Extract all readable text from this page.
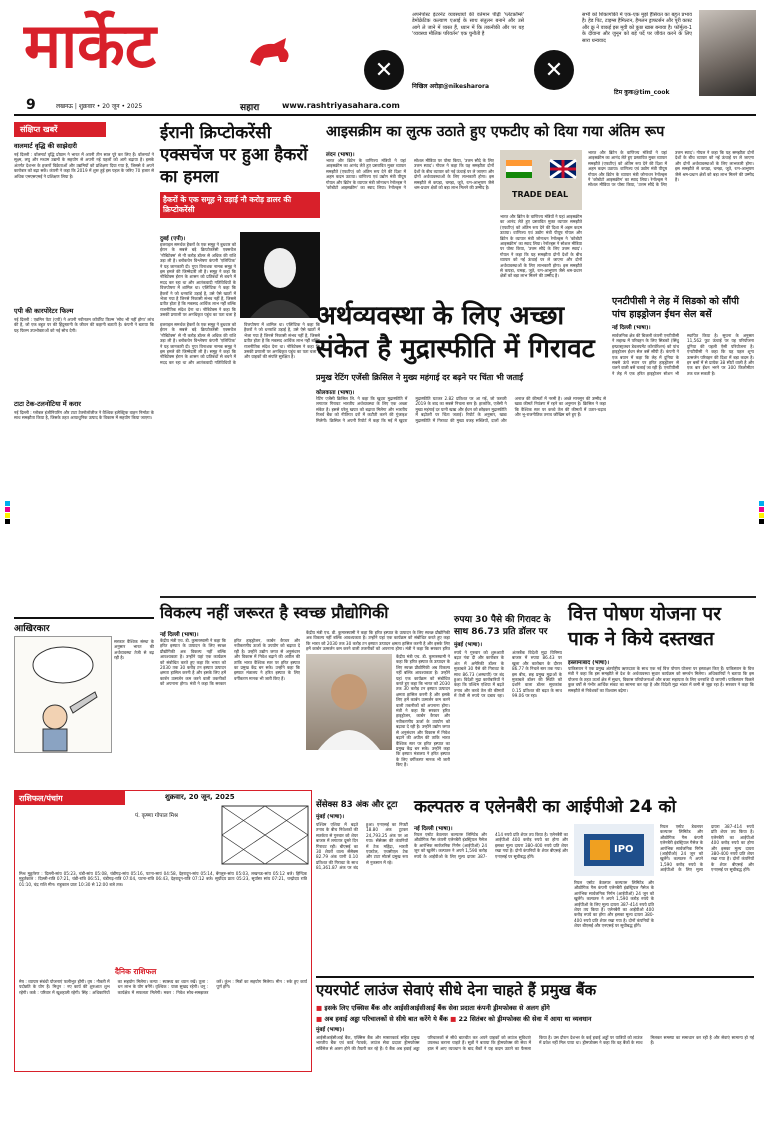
मार्केट	✕
अपनेपोस्ट इंटरनेट व्यवस्थायों की वर्तमान पीढ़ी 'प्लेटफ़ॉर्म्स' डेमोक्रेटिक कल्याण एआई के साथ संतुलन बनाने और उसे आगे ले जाने में व्यस्त हैं, ध्यान में कि तकनीकी और पर यह 'व्यवस्था मौलिक परिवर्तन' एक चुनौती है
निखिल अरोड़ा@nikesharora
✕
सभी को शिकागोकी में एक-एक मुझे हैसियत का बहुत प्रभाव है। हेड पिट, टाइम्स हैमिल्टन, हैमलन ड्राफ्टर्सन और पूरी कास्ट और क्रू ने वाकई इस मूवी को कुछ खास बनाया है। फॉर्मूला-1 के दीवाना और जुनून को बड़े पर्दे पर जीवंत करने के लिए सारा धन्यवाद
टिम कुक@tim_cook
9	लखनऊ | शुक्रवार • 20 जून • 2025	सहारा	www.rashtriyasahara.com
संक्षिप्त खबरें
वालमार्ट वृद्धि की साझेदारी
नई दिल्ली : वॉलमार्ट वृद्धि प्रोग्राम ने भारत में अपनी तीन साल पूरे कर लिए हैं। वॉलमार्ट ने सूक्ष्म, लघु और मध्यम उद्यमों के सहयोग से अपनी नई पहलों को आगे बढ़ाया है। इसके अंतर्गत देशभर के हजारों विक्रेताओं और उद्यमियों को प्रशिक्षण दिया गया है, जिससे वे अपने कारोबार को बढ़ा सकें। कंपनी ने कहा कि 2019 में शुरू हुई इस पहल के जरिए 70 हजार से अधिक एमएसएमई ने प्रशिक्षण लिया है।
एपी की कारपोरेटर फिल्म
नई दिल्ली : एडमिन पेटा (एपी) ने अपनी नवीनतम कॉर्पोरेट फिल्म 'सोच भी नहीं होगा' लांच की है, जो एक बहुत पर की हिंदुस्तानी के जीवन की कहानी बताती है। कंपनी ने बताया कि यह फिल्म उपभोक्ताओं को नई सोच देगी।
टाटा टेक-टलनोटिया में करार
नई दिल्ली : ग्लोबल इंजीनियरिंग और टाटा टेक्नोलॉजीज ने वैश्विक इलेक्ट्रिक वाहन निर्माता के साथ समझौता किया है, जिसके तहत अत्याधुनिक उत्पाद के विकास में सहयोग किया जाएगा।
आखिरकार
सरकार वैश्विक संस्था के अनुसार भारत की अर्थव्यवस्था तेजी से बढ़ रही है।
ईरानी क्रिप्टोकरेंसी एक्सचेंज पर हुआ हैकरों का हमला
हैकरों के एक समूह ने उड़ाई नौ करोड़ डालर की क्रिप्टोकरेंसी
दुबई (एपी)।
इजराइल समर्थक हैकरों के एक समूह ने बुधवार को ईरान के सबसे बड़े क्रिप्टोकरेंसी एक्सचेंज 'नोबिटेक्स' से नौ करोड़ डॉलर से अधिक की राशि उड़ा ली है। ब्लॉकचेन विश्लेषण कंपनी 'एलिप्टिक' ने यह जानकारी दी। गुप्त विनाशक नामक समूह ने इस हमले की जिम्मेदारी ली है। समूह ने कहा कि नोबिटेक्स ईरान के शासन को प्रतिबंधों से बचने में मदद कर रहा था और आतंकवादी गतिविधियों के वित्तपोषण में शामिल था। एलिप्टिक ने कहा कि हैकरों ने जो धनराशि उड़ाई है, उसे ऐसे खातों में भेजा गया है जिनसे निकासी संभव नहीं है, जिससे प्रतीत होता है कि मकसद आर्थिक लाभ नहीं बल्कि राजनीतिक संदेश देना था। नोबिटेक्स ने कहा कि उसकी प्रणाली पर अनधिकृत पहुंच का पता चला है
इजराइल समर्थक हैकरों के एक समूह ने बुधवार को ईरान के सबसे बड़े क्रिप्टोकरेंसी एक्सचेंज 'नोबिटेक्स' से नौ करोड़ डॉलर से अधिक की राशि उड़ा ली है। ब्लॉकचेन विश्लेषण कंपनी 'एलिप्टिक' ने यह जानकारी दी। गुप्त विनाशक नामक समूह ने इस हमले की जिम्मेदारी ली है। समूह ने कहा कि नोबिटेक्स ईरान के शासन को प्रतिबंधों से बचने में मदद कर रहा था और आतंकवादी गतिविधियों के वित्तपोषण में शामिल था। एलिप्टिक ने कहा कि हैकरों ने जो धनराशि उड़ाई है, उसे ऐसे खातों में भेजा गया है जिनसे निकासी संभव नहीं है, जिससे प्रतीत होता है कि मकसद आर्थिक लाभ नहीं बल्कि राजनीतिक संदेश देना था। नोबिटेक्स ने कहा कि उसकी प्रणाली पर अनधिकृत पहुंच का पता चला है और ग्राहकों की संपत्ति सुरक्षित है।
आइसक्रीम का लुत्फ उठाते हुए एफटीए को दिया गया अंतिम रूप
लंदन (भाषा)।
भारत और ब्रिटेन के वाणिज्य मंत्रियों ने यहां आइसक्रीम का आनंद लेते हुए प्रस्तावित मुक्त व्यापार समझौते (एफटीए) को अंतिम रूप देने की दिशा में अहम कदम उठाया। वाणिज्य एवं उद्योग मंत्री पीयूष गोयल और ब्रिटेन के व्यापार मंत्री जोनाथन रेनॉल्ड्स ने 'कोबोटो आइसक्रीम' का स्वाद लिया। रेनॉल्ड्स ने सोशल मीडिया पर पोस्ट किया, 'उत्तम सौदे के लिए उत्तम स्वाद'। गोयल ने कहा कि यह समझौता दोनों देशों के बीच व्यापार को नई ऊंचाई पर ले जाएगा और दोनों अर्थव्यवस्थाओं के लिए लाभकारी होगा। इस समझौते से कपड़ा, चमड़ा, जूते, रत्न-आभूषण जैसे श्रम-प्रधान क्षेत्रों को बड़ा लाभ मिलने की उम्मीद है।
TRADE DEAL
भारत और ब्रिटेन के वाणिज्य मंत्रियों ने यहां आइसक्रीम का आनंद लेते हुए प्रस्तावित मुक्त व्यापार समझौते (एफटीए) को अंतिम रूप देने की दिशा में अहम कदम उठाया। वाणिज्य एवं उद्योग मंत्री पीयूष गोयल और ब्रिटेन के व्यापार मंत्री जोनाथन रेनॉल्ड्स ने 'कोबोटो आइसक्रीम' का स्वाद लिया। रेनॉल्ड्स ने सोशल मीडिया पर पोस्ट किया, 'उत्तम सौदे के लिए उत्तम स्वाद'। गोयल ने कहा कि यह समझौता दोनों देशों के बीच व्यापार को नई ऊंचाई पर ले जाएगा और दोनों अर्थव्यवस्थाओं के लिए लाभकारी होगा। इस समझौते से कपड़ा, चमड़ा, जूते, रत्न-आभूषण जैसे श्रम-प्रधान क्षेत्रों को बड़ा लाभ मिलने की उम्मीद है।
भारत और ब्रिटेन के वाणिज्य मंत्रियों ने यहां आइसक्रीम का आनंद लेते हुए प्रस्तावित मुक्त व्यापार समझौते (एफटीए) को अंतिम रूप देने की दिशा में अहम कदम उठाया। वाणिज्य एवं उद्योग मंत्री पीयूष गोयल और ब्रिटेन के व्यापार मंत्री जोनाथन रेनॉल्ड्स ने 'कोबोटो आइसक्रीम' का स्वाद लिया। रेनॉल्ड्स ने सोशल मीडिया पर पोस्ट किया, 'उत्तम सौदे के लिए उत्तम स्वाद'। गोयल ने कहा कि यह समझौता दोनों देशों के बीच व्यापार को नई ऊंचाई पर ले जाएगा और दोनों अर्थव्यवस्थाओं के लिए लाभकारी होगा। इस समझौते से कपड़ा, चमड़ा, जूते, रत्न-आभूषण जैसे श्रम-प्रधान क्षेत्रों को बड़ा लाभ मिलने की उम्मीद है।
अर्थव्यवस्था के लिए अच्छा संकेत है मुद्रास्फीति में गिरावट
प्रमुख रेटिंग एजेंसी क्रिसिल ने मुख्य महंगाई दर बढ़ने पर चिंता भी जताई
कोलकाता (भाषा)।
रेटिंग एजेंसी क्रिसिल लि. ने कहा कि खुदरा मुद्रास्फीति में लगातार गिरावट भारतीय अर्थव्यवस्था के लिए एक अच्छा संकेत है। इससे घरेलू खपत को बढ़ावा मिलेगा और भारतीय रिजर्व बैंक को नीतिगत दरों में कटौती करने की गुंजाइश मिलेगी। क्रिसिल ने अपनी रिपोर्ट में कहा कि मई में खुदरा मुद्रास्फीति घटकर 2.82 प्रतिशत पर आ गई, जो फरवरी 2019 के बाद का सबसे निचला स्तर है। हालांकि, एजेंसी ने मुख्य महंगाई दर यानी खाद्य और ईंधन को छोड़कर मुद्रास्फीति में बढ़ोतरी पर चिंता जताई। रिपोर्ट के अनुसार, खाद्य मुद्रास्फीति में गिरावट की मुख्य वजह सब्जियों, दालों और अनाज की कीमतों में नरमी है। अच्छे मानसून की उम्मीद से खाद्य कीमतें नियंत्रण में रहने का अनुमान है। क्रिसिल ने कहा कि वैश्विक स्तर पर कच्चे तेल की कीमतों में उतार-चढ़ाव और भू-राजनीतिक तनाव जोखिम बने हुए हैं।
एनटीपीसी ने लेह में सिडको को सौंपी पांच हाइड्रोजन ईंधन सेल बसें
नई दिल्ली (भाषा)।
सार्वजनिक क्षेत्र की बिजली कंपनी एनटीपीसी ने लद्दाख में परिवहन के लिए सिडको (सिंधु इन्फ्रास्ट्रक्चर डेवलपमेंट कॉरपोरेशन) को पांच हाइड्रोजन ईंधन सेल बसें सौंपी हैं। कंपनी ने एक बयान में कहा कि लेह में दुनिया के सबसे ऊंचे स्थान पर हरित हाइड्रोजन से चलने वाली बसें चलाई जा रही हैं। एनटीपीसी ने लेह में एक हरित हाइड्रोजन स्टेशन भी स्थापित किया है। सूचना के अनुसार 11,562 फुट ऊंचाई पर यह परियोजना दुनिया की पहली ऐसी परियोजना है। एनटीपीसी ने कहा कि यह पहल शून्य उत्सर्जन परिवहन की दिशा में बड़ा कदम है। इन बसों में से प्रत्येक 38 सीटों वाली है और एक बार ईंधन भरने पर 300 किलोमीटर तक चल सकती है।
विकल्प नहीं जरूरत है स्वच्छ प्रौद्योगिकी
नई दिल्ली (भाषा)।
केंद्रीय मंत्री एच. डी. कुमारस्वामी ने कहा कि हरित इस्पात के उत्पादन के लिए स्वच्छ प्रौद्योगिकी अब विकल्प नहीं बल्कि आवश्यकता है। उन्होंने यहां एक कार्यक्रम को संबोधित करते हुए कहा कि भारत को 2030 तक 30 करोड़ टन इस्पात उत्पादन क्षमता हासिल करनी है और इसके लिए हमें कार्बन उत्सर्जन कम करने वाली तकनीकों को अपनाना होगा। मंत्री ने कहा कि सरकार हरित हाइड्रोजन, कार्बन कैप्चर और नवीकरणीय ऊर्जा के उपयोग को बढ़ावा दे रही है। उन्होंने उद्योग जगत से अनुसंधान और विकास में निवेश बढ़ाने की अपील की ताकि भारत वैश्विक स्तर पर हरित इस्पात का प्रमुख केंद्र बन सके। उन्होंने कहा कि इस्पात मंत्रालय ने हरित इस्पात के लिए वर्गीकरण मानक भी जारी किए हैं।
केंद्रीय मंत्री एच. डी. कुमारस्वामी ने कहा कि हरित इस्पात के उत्पादन के लिए स्वच्छ प्रौद्योगिकी अब विकल्प नहीं बल्कि आवश्यकता है। उन्होंने यहां एक कार्यक्रम को संबोधित करते हुए कहा कि भारत को 2030 तक 30 करोड़ टन इस्पात उत्पादन क्षमता हासिल करनी है और इसके लिए हमें कार्बन उत्सर्जन कम करने वाली तकनीकों को अपनाना होगा। मंत्री ने कहा कि सरकार हरित
केंद्रीय मंत्री एच. डी. कुमारस्वामी ने कहा कि हरित इस्पात के उत्पादन के लिए स्वच्छ प्रौद्योगिकी अब विकल्प नहीं बल्कि आवश्यकता है। उन्होंने यहां एक कार्यक्रम को संबोधित करते हुए कहा कि भारत को 2030 तक 30 करोड़ टन इस्पात उत्पादन क्षमता हासिल करनी है और इसके लिए हमें कार्बन उत्सर्जन कम करने वाली तकनीकों को अपनाना होगा। मंत्री ने कहा कि सरकार हरित हाइड्रोजन, कार्बन कैप्चर और नवीकरणीय ऊर्जा के उपयोग को बढ़ावा दे रही है। उन्होंने उद्योग जगत से अनुसंधान और विकास में निवेश बढ़ाने की अपील की ताकि भारत वैश्विक स्तर पर हरित इस्पात का प्रमुख केंद्र बन सके। उन्होंने कहा कि इस्पात मंत्रालय ने हरित इस्पात के लिए वर्गीकरण मानक भी जारी किए हैं।
रुपया 30 पैसे की गिरावट के साथ 86.73 प्रति डॉलर पर
मुंबई (भाषा)।
रुपये ने गुरुवार को शुरुआती बढ़त गंवा दी और कारोबार के अंत में अमेरिकी डॉलर के मुकाबले 30 पैसे की गिरावट के साथ 86.73 (अस्थायी) पर बंद हुआ। विदेशी मुद्रा कारोबारियों ने कहा कि पश्चिम एशिया में बढ़ते तनाव और कच्चे तेल की कीमतों में तेजी से रुपये पर दबाव रहा। अंतरबैंक विदेशी मुद्रा विनिमय बाजार में रुपया 86.43 पर खुला और कारोबार के दौरान 86.77 के निचले स्तर तक गया। इस बीच, छह प्रमुख मुद्राओं के मुकाबले डॉलर की स्थिति को दर्शाने वाला डॉलर सूचकांक 0.15 प्रतिशत की बढ़त के साथ 99.06 पर रहा।
वित्त पोषण योजना पर पाक ने किये दस्तखत
इस्लामाबाद (भाषा)।
पाकिस्तान ने एक प्रमुख अंतर्राष्ट्रीय ऋणदाता के साथ एक नई वित्त पोषण योजना पर हस्ताक्षर किए हैं। पाकिस्तान के वित्त मंत्री ने कहा कि इस समझौते से देश के अर्थव्यवस्था सुधार कार्यक्रम को समर्थन मिलेगा। अधिकारियों ने बताया कि इस योजना के तहत ऊर्जा क्षेत्र में सुधार, विकास परियोजनाओं और बजट सहायता के लिए धनराशि दी जाएगी। पाकिस्तान पिछले कुछ वर्षों से गंभीर आर्थिक संकट का सामना कर रहा है और विदेशी मुद्रा भंडार में कमी से जूझ रहा है। सरकार ने कहा कि समझौते से निवेशकों का विश्वास बढ़ेगा।
राशिफल/पंचांग	शुक्रवार, 20 जून, 2025
पं. कृष्णा गोपाल मिश्र
मिश्र मुहूर्तरण : दिल्ली-सांय 05:23, चंडी-सांय 05:08, चंडीगढ़-सांय 05:16, पटना-सायं 04:58, देहरादून-सांय 05:14, बेंगलुरु-सांय 05:03, लखनऊ-सांय 05:12 बजे। हिन्दिक मुहूर्तकाल : दिल्ली-रात्रि 07:21, चंडी-रात्रि 06:51, चंडीगढ़-रात्रि 07:04, पटना-रात्रि 06:43, देहरादून-रात्रि 07:12 बजे। सूर्योदय प्रातः 05:23, सूर्यास्त सांय 07:21, चन्द्रोदय रात्रि 01:10, चंद्र राशि मीन। राहुकाल प्रातः 10:30 से 12:00 बजे तक।
दैनिक राशिफल
मेष : व्यापार संबंधी योजनाएं फलीभूत होंगी। वृष : नौकरी में पदोन्नति के योग हैं। मिथुन : नए कार्य की शुरुआत शुभ रहेगी। कर्क : परिवार में खुशहाली रहेगी। सिंह : अधिकारियों का सहयोग मिलेगा। कन्या : स्वास्थ्य का ध्यान रखें। तुला : धन लाभ के योग बनेंगे। वृश्चिक : यात्रा सुखद रहेगी। धनु : कार्यक्षेत्र में सफलता मिलेगी। मकर : निवेश सोच-समझकर करें। कुंभ : मित्रों का सहयोग मिलेगा। मीन : रुके हुए कार्य पूर्ण होंगे।
सेंसेक्स 83 अंक और टूटा
मुंबई (भाषा)।
पश्चिम एशिया में बढ़ते तनाव के बीच निवेशकों की सतर्कता से गुरुवार को शेयर बाजार में लगातार दूसरे दिन गिरावट रही। बीएसई का 30 शेयरों वाला सेंसेक्स 82.79 अंक यानी 0.10 प्रतिशत की गिरावट के साथ 81,361.87 अंक पर बंद हुआ। एनएसई का निफ्टी 18.80 अंक टूटकर 24,793.25 अंक पर आ गया। सेंसेक्स की कंपनियों में टेक महिंद्रा, भारती एयरटेल, एचसीएल टेक और टाटा मोटर्स प्रमुख रूप से नुकसान में रहे।
कल्पतरु व एलेनबैरी का आईपीओ 24 को
नई दिल्ली (भाषा)।
रियल एस्टेट डेवलपर कल्पतरु लिमिटेड और औद्योगिक गैस कंपनी एलेनबैरी इंडस्ट्रियल गैसेज के आरंभिक सार्वजनिक निर्गम (आईपीओ) 24 जून को खुलेंगे। कल्पतरु ने अपने 1,590 करोड़ रुपये के आईपीओ के लिए मूल्य दायरा 387-414 रुपये प्रति शेयर तय किया है। एलेनबैरी का आईपीओ 400 करोड़ रुपये का होगा और इसका मूल्य दायरा 380-400 रुपये प्रति शेयर रखा गया है। दोनों कंपनियों के शेयर बीएसई और एनएसई पर सूचीबद्ध होंगे।
IPO
रियल एस्टेट डेवलपर कल्पतरु लिमिटेड और औद्योगिक गैस कंपनी एलेनबैरी इंडस्ट्रियल गैसेज के आरंभिक सार्वजनिक निर्गम (आईपीओ) 24 जून को खुलेंगे। कल्पतरु ने अपने 1,590 करोड़ रुपये के आईपीओ के लिए मूल्य दायरा 387-414 रुपये प्रति शेयर तय किया है। एलेनबैरी का आईपीओ 400 करोड़ रुपये का होगा और इसका मूल्य दायरा 380-400 रुपये प्रति शेयर रखा गया है। दोनों कंपनियों के शेयर बीएसई और एनएसई पर सूचीबद्ध होंगे।
रियल एस्टेट डेवलपर कल्पतरु लिमिटेड और औद्योगिक गैस कंपनी एलेनबैरी इंडस्ट्रियल गैसेज के आरंभिक सार्वजनिक निर्गम (आईपीओ) 24 जून को खुलेंगे। कल्पतरु ने अपने 1,590 करोड़ रुपये के आईपीओ के लिए मूल्य दायरा 387-414 रुपये प्रति शेयर तय किया है। एलेनबैरी का आईपीओ 400 करोड़ रुपये का होगा और इसका मूल्य दायरा 380-400 रुपये प्रति शेयर रखा गया है। दोनों कंपनियों के शेयर बीएसई और एनएसई पर सूचीबद्ध होंगे।
एयरपोर्ट लाउंज सेवाएं सीधे देना चाहते हैं प्रमुख बैंक
■ इसके लिए एक्सिस बैंक और आईसीआईसीआई बैंक सेवा प्रदाता कंपनी ड्रीमफोक्स से अलग होंगे
■ अब हवाई अड्डा परिचालकों से सीधे बात करेंगे ये बैंक ■ 22 सितंबर को ड्रीमफोक्स की सेवा में आया था व्यवधान
मुंबई (भाषा)।
आईसीआईसीआई बैंक, एक्सिस बैंक और मास्टरकार्ड सहित प्रमुख भारतीय बैंक एवं कार्ड नेटवर्क, लाउंज सेवा प्रदाता ड्रीमफोक्स सर्विसेज से अलग होने की तैयारी कर रहे हैं। ये बैंक अब हवाई अड्डा परिचालकों से सीधे बातचीत कर अपने ग्राहकों को लाउंज सुविधाएं उपलब्ध कराना चाहते हैं। सूत्रों ने बताया कि ड्रीमफोक्स की सेवा में हाल में आए व्यवधान के बाद बैंकों ने यह कदम उठाने का फैसला किया है। उस दौरान देशभर के कई हवाई अड्डों पर यात्रियों को लाउंज में प्रवेश नहीं मिल पाया था। ड्रीमफोक्स ने कहा कि वह बैंकों के साथ मिलकर समस्या का समाधान कर रही है और सेवाएं सामान्य हो गई हैं।
